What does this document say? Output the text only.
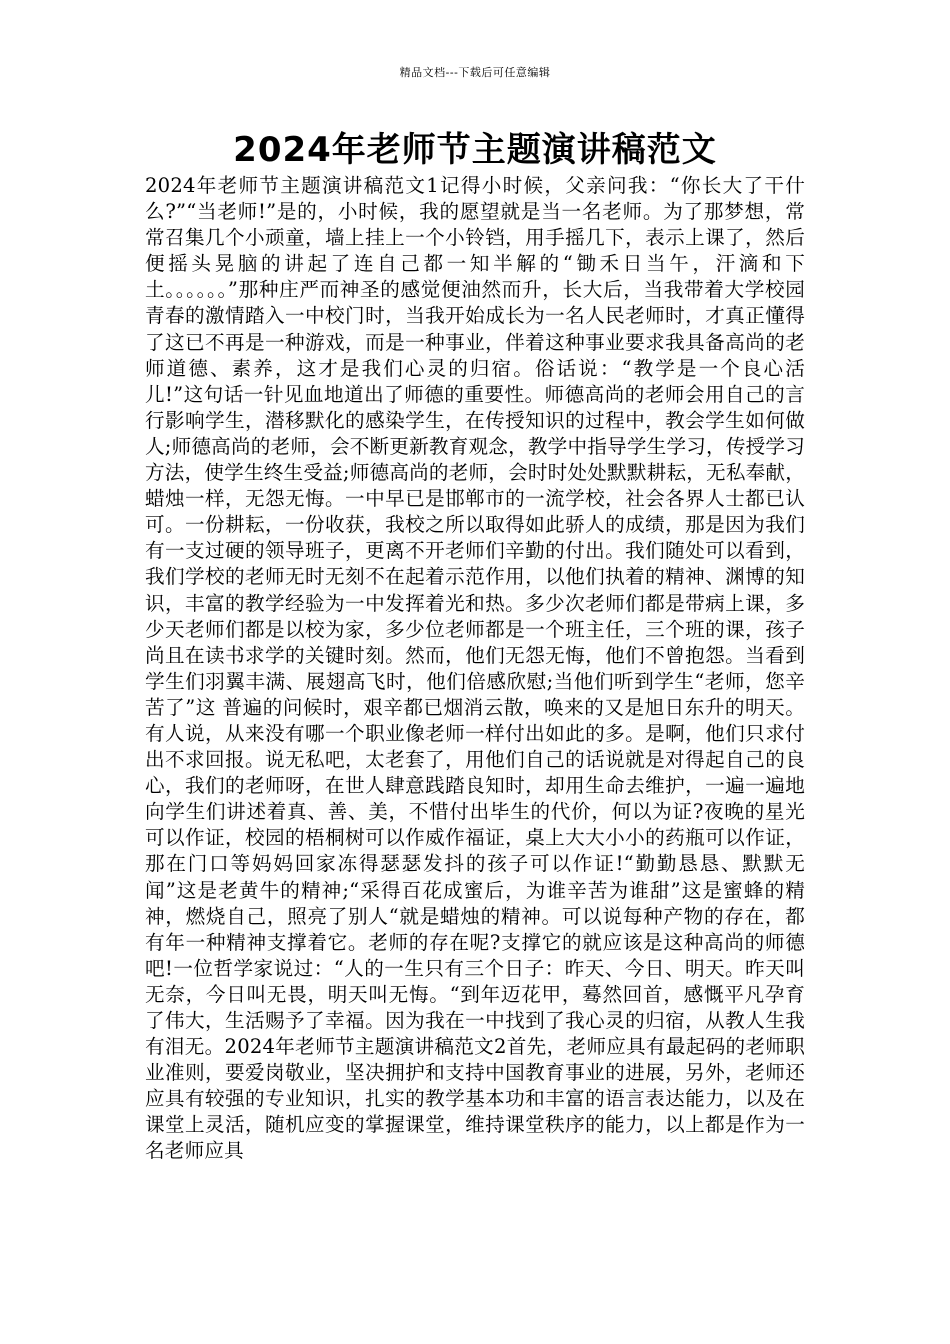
精品文档---下载后可任意编辑
2024年老师节主题演讲稿范文

2024年老师节主题演讲稿范文1记得小时候，父亲问我：“你长大了干什么?”“当老师!”是的，小时候，我的愿望就是当一名老师。为了那梦想，常常召集几个小顽童，墙上挂上一个小铃铛，用手摇几下，表示上课了，然后便摇头晃脑的讲起了连自己都一知半解的“锄禾日当午，汗滴和下土。。。。。。”那种庄严而神圣的感觉便油然而升，长大后，当我带着大学校园青春的激情踏入一中校门时，当我开始成长为一名人民老师时，才真正懂得了这已不再是一种游戏，而是一种事业，伴着这种事业要求我具备高尚的老师道德、素养，这才是我们心灵的归宿。俗话说：“教学是一个良心活儿!”这句话一针见血地道出了师德的重要性。师德高尚的老师会用自己的言行影响学生，潜移默化的感染学生，在传授知识的过程中，教会学生如何做人;师德高尚的老师，会不断更新教育观念，教学中指导学生学习，传授学习方法，使学生终生受益;师德高尚的老师，会时时处处默默耕耘，无私奉献，蜡烛一样，无怨无悔。一中早已是邯郸市的一流学校，社会各界人士都已认可。一份耕耘，一份收获，我校之所以取得如此骄人的成绩，那是因为我们有一支过硬的领导班子，更离不开老师们辛勤的付出。我们随处可以看到，我们学校的老师无时无刻不在起着示范作用，以他们执着的精神、渊博的知识，丰富的教学经验为一中发挥着光和热。多少次老师们都是带病上课，多少天老师们都是以校为家，多少位老师都是一个班主任，三个班的课，孩子尚且在读书求学的关键时刻。然而，他们无怨无悔，他们不曾抱怨。当看到学生们羽翼丰满、展翅高飞时，他们倍感欣慰;当他们听到学生“老师，您辛苦了”这 普遍的问候时，艰辛都已烟消云散，唤来的又是旭日东升的明天。有人说，从来没有哪一个职业像老师一样付出如此的多。是啊，他们只求付出不求回报。说无私吧，太老套了，用他们自己的话说就是对得起自己的良心，我们的老师呀，在世人肆意践踏良知时，却用生命去维护，一遍一遍地向学生们讲述着真、善、美，不惜付出毕生的代价，何以为证?夜晚的星光可以作证，校园的梧桐树可以作威作福证，桌上大大小小的药瓶可以作证，那在门口等妈妈回家冻得瑟瑟发抖的孩子可以作证!“勤勤恳恳、默默无闻”这是老黄牛的精神;“采得百花成蜜后，为谁辛苦为谁甜”这是蜜蜂的精神，燃烧自己，照亮了别人“就是蜡烛的精神。可以说每种产物的存在，都有年一种精神支撑着它。老师的存在呢?支撑它的就应该是这种高尚的师德吧!一位哲学家说过：“人的一生只有三个日子：昨天、今日、明天。昨天叫无奈，今日叫无畏，明天叫无悔。“到年迈花甲，蓦然回首，感慨平凡孕育了伟大，生活赐予了幸福。因为我在一中找到了我心灵的归宿，从教人生我有泪无。2024年老师节主题演讲稿范文2首先，老师应具有最起码的老师职业准则，要爱岗敬业，坚决拥护和支持中国教育事业的进展，另外，老师还应具有较强的专业知识，扎实的教学基本功和丰富的语言表达能力，以及在课堂上灵活，随机应变的掌握课堂，维持课堂秩序的能力，以上都是作为一名老师应具
